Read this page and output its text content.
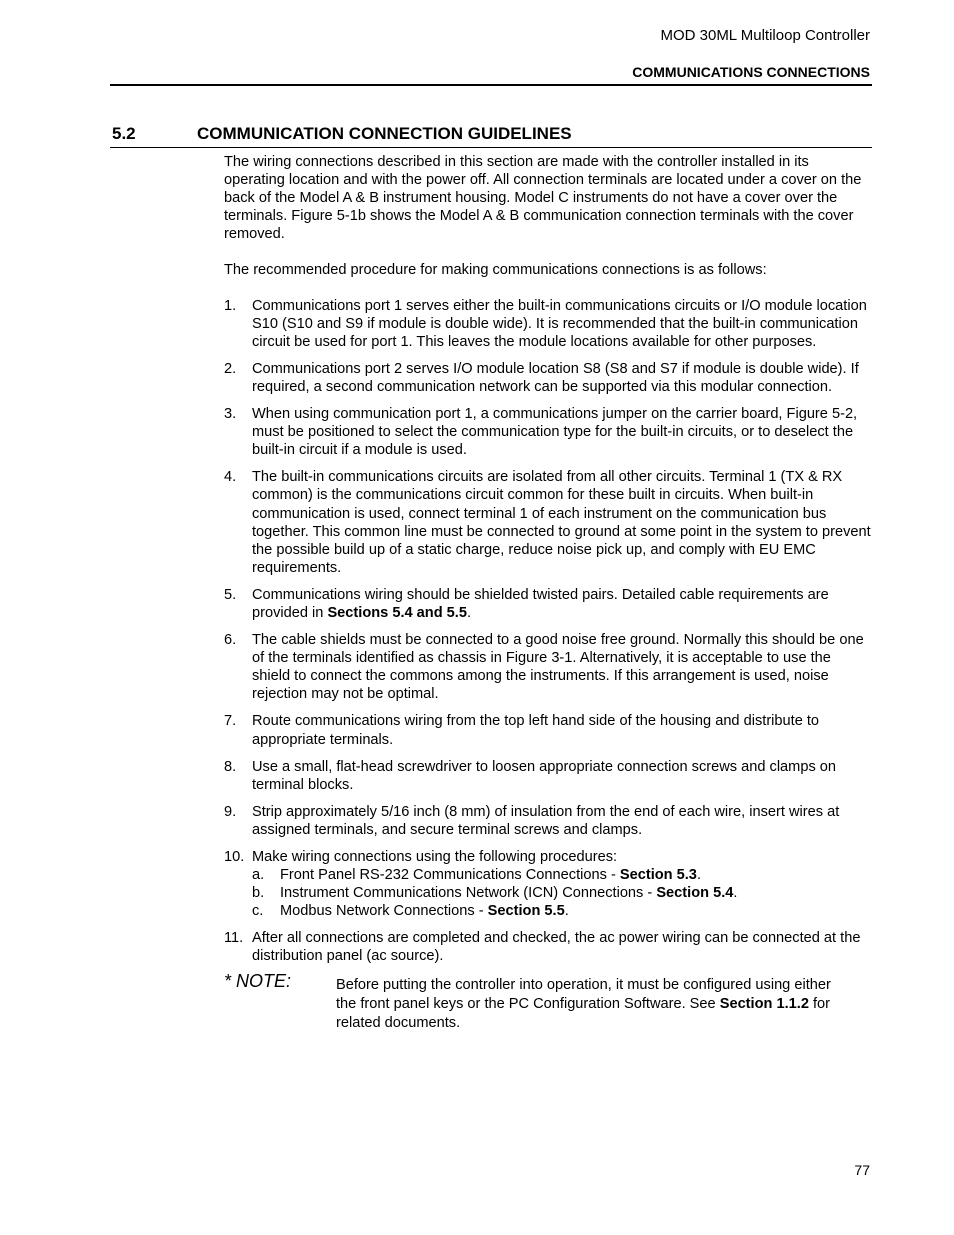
MOD 30ML Multiloop Controller
COMMUNICATIONS CONNECTIONS
5.2	COMMUNICATION CONNECTION GUIDELINES

The wiring connections described in this section are made with the controller installed in its operating location and with the power off. All connection terminals are located under a cover on the back of the Model A & B instrument housing. Model C instruments do not have a cover over the terminals. Figure 5-1b shows the Model A & B communication connection terminals with the cover removed.

The recommended procedure for making communications connections is as follows:

1. Communications port 1 serves either the built-in communications circuits or I/O module location S10 (S10 and S9 if module is double wide). It is recommended that the built-in communication circuit be used for port 1. This leaves the module locations available for other purposes.
2. Communications port 2 serves I/O module location S8 (S8 and S7 if module is double wide). If required, a second communication network can be supported via this modular connection.
3. When using communication port 1, a communications jumper on the carrier board, Figure 5-2, must be positioned to select the communication type for the built-in circuits, or to deselect the built-in circuit if a module is used.
4. The built-in communications circuits are isolated from all other circuits. Terminal 1 (TX & RX common) is the communications circuit common for these built in circuits. When built-in communication is used, connect terminal 1 of each instrument on the communication bus together. This common line must be connected to ground at some point in the system to prevent the possible build up of a static charge, reduce noise pick up, and comply with EU EMC requirements.
5. Communications wiring should be shielded twisted pairs. Detailed cable requirements are provided in Sections 5.4 and 5.5.
6. The cable shields must be connected to a good noise free ground. Normally this should be one of the terminals identified as chassis in Figure 3-1. Alternatively, it is acceptable to use the shield to connect the commons among the instruments. If this arrangement is used, noise rejection may not be optimal.
7. Route communications wiring from the top left hand side of the housing and distribute to appropriate terminals.
8. Use a small, flat-head screwdriver to loosen appropriate connection screws and clamps on terminal blocks.
9. Strip approximately 5/16 inch (8 mm) of insulation from the end of each wire, insert wires at assigned terminals, and secure terminal screws and clamps.
10. Make wiring connections using the following procedures:
a. Front Panel RS-232 Communications Connections - Section 5.3.
b. Instrument Communications Network (ICN) Connections - Section 5.4.
c. Modbus Network Connections - Section 5.5.
11. After all connections are completed and checked, the ac power wiring can be connected at the distribution panel (ac source).
* NOTE:	Before putting the controller into operation, it must be configured using either the front panel keys or the PC Configuration Software. See Section 1.1.2 for related documents.
77
